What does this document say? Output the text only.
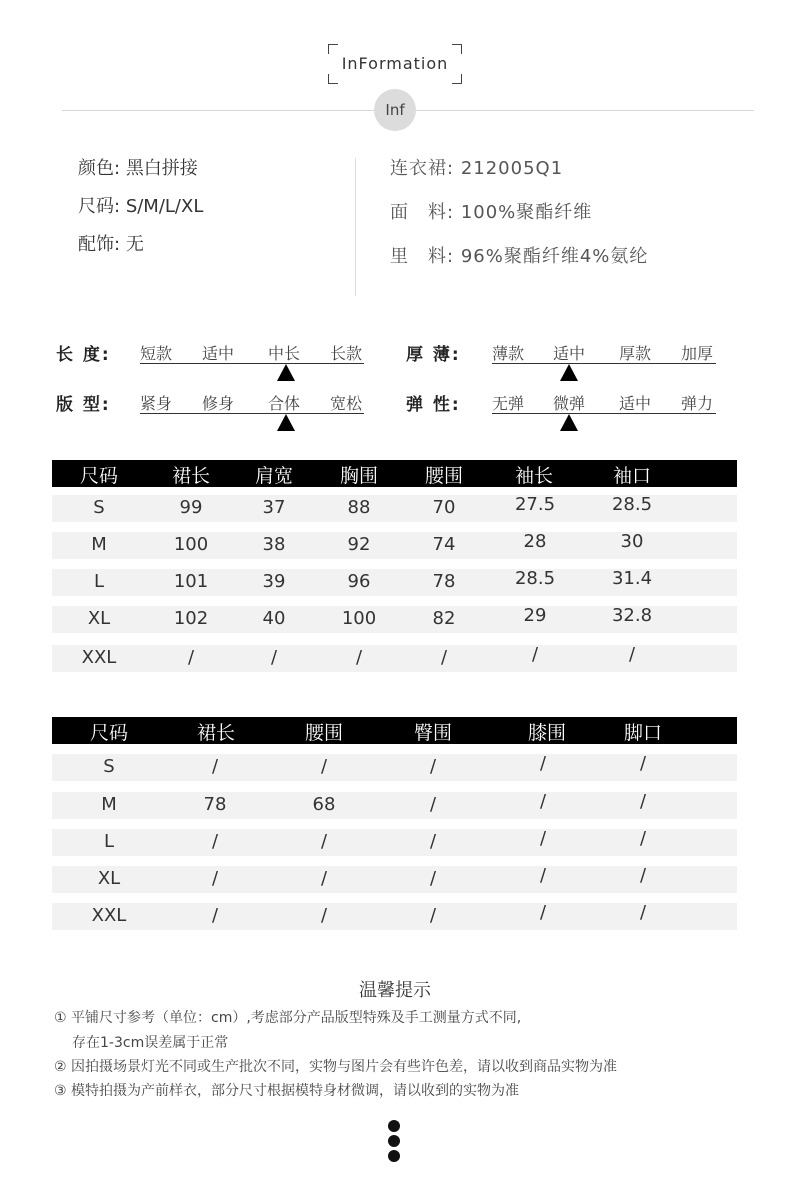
InFormation
Inf
颜色: 黑白拼接
尺码: S/M/L/XL
配饰: 无
连衣裙: 212005Q1
面　料: 100%聚酯纤维
里　料: 96%聚酯纤维4%氨纶
长 度: 短款 适中 中长 长款	厚 薄: 薄款 适中 厚款 加厚
版 型: 紧身 修身 合体 宽松	弹 性: 无弹 微弹 适中 弹力
尺码	裙长	肩宽	胸围	腰围	袖长	袖口
S	99	37	88	70	27.5	28.5
M	100	38	92	74	28	30
L	101	39	96	78	28.5	31.4
XL	102	40	100	82	29	32.8
XXL	/	/	/	/	/	/
尺码	裙长	腰围	臀围	膝围	脚口
S	/	/	/	/	/
M	78	68	/	/	/
L	/	/	/	/	/
XL	/	/	/	/	/
XXL	/	/	/	/	/
温馨提示
① 平铺尺寸参考（单位：cm）,考虑部分产品版型特殊及手工测量方式不同,
存在1-3cm误差属于正常
② 因拍摄场景灯光不同或生产批次不同，实物与图片会有些许色差，请以收到商品实物为准
③ 模特拍摄为产前样衣，部分尺寸根据模特身材微调，请以收到的实物为准
